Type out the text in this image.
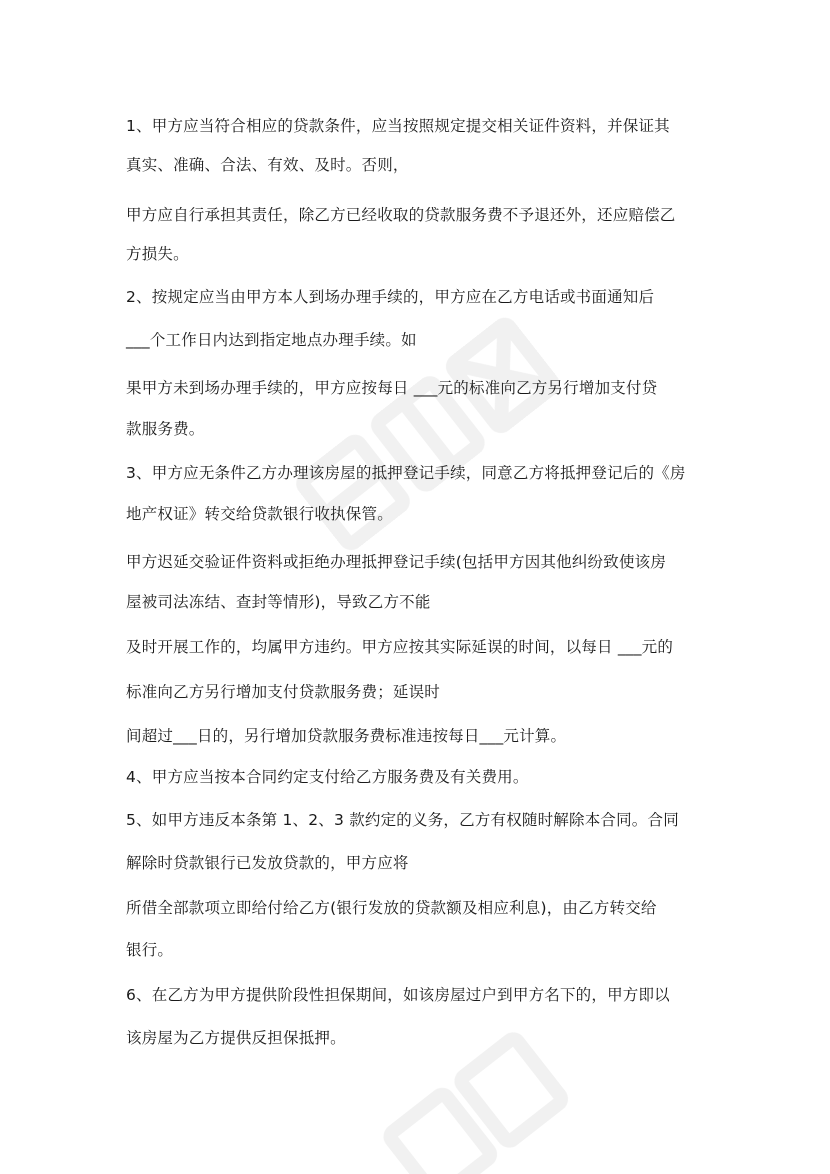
1、甲方应当符合相应的贷款条件，应当按照规定提交相关证件资料，并保证其
真实、准确、合法、有效、及时。否则，
甲方应自行承担其责任，除乙方已经收取的贷款服务费不予退还外，还应赔偿乙
方损失。
2、按规定应当由甲方本人到场办理手续的，甲方应在乙方电话或书面通知后
___个工作日内达到指定地点办理手续。如
果甲方未到场办理手续的，甲方应按每日 ___元的标准向乙方另行增加支付贷
款服务费。
3、甲方应无条件乙方办理该房屋的抵押登记手续，同意乙方将抵押登记后的《房
地产权证》转交给贷款银行收执保管。
甲方迟延交验证件资料或拒绝办理抵押登记手续(包括甲方因其他纠纷致使该房
屋被司法冻结、查封等情形)，导致乙方不能
及时开展工作的，均属甲方违约。甲方应按其实际延误的时间，以每日 ___元的
标准向乙方另行增加支付贷款服务费；延误时
间超过___日的，另行增加贷款服务费标准违按每日___元计算。
4、甲方应当按本合同约定支付给乙方服务费及有关费用。
5、如甲方违反本条第 1、2、3 款约定的义务，乙方有权随时解除本合同。合同
解除时贷款银行已发放贷款的，甲方应将
所借全部款项立即给付给乙方(银行发放的贷款额及相应利息)，由乙方转交给
银行。
6、在乙方为甲方提供阶段性担保期间，如该房屋过户到甲方名下的，甲方即以
该房屋为乙方提供反担保抵押。
